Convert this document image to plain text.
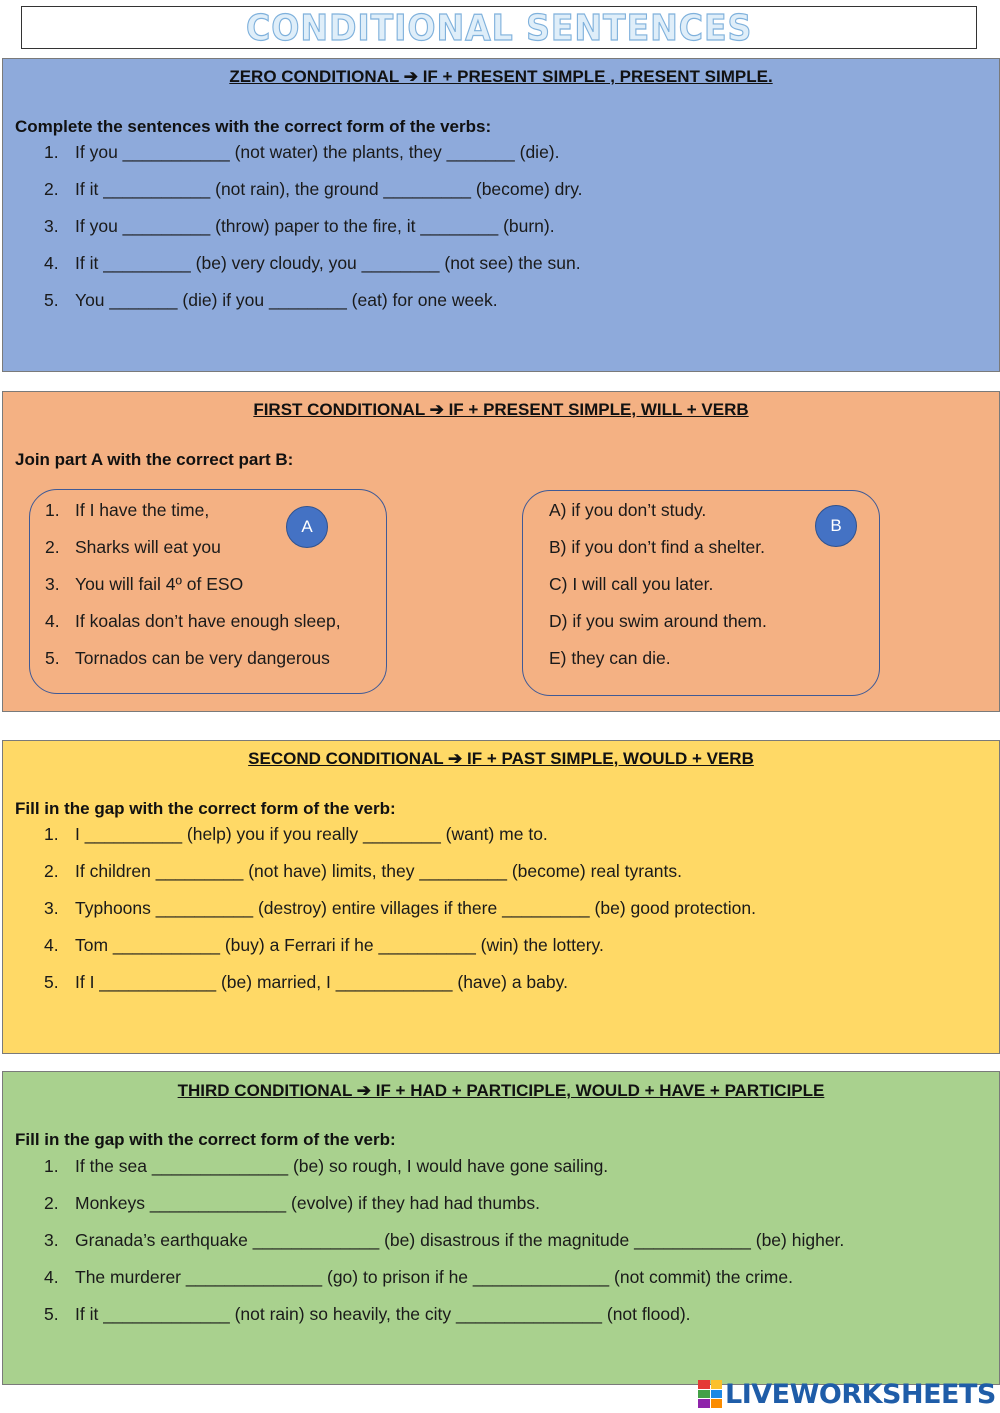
CONDITIONAL SENTENCES
ZERO CONDITIONAL ➔ IF + PRESENT SIMPLE , PRESENT SIMPLE.
Complete the sentences with the correct form of the verbs:
1. If you ___________ (not water) the plants, they _______ (die).
2. If it ___________ (not rain), the ground _________ (become) dry.
3. If you _________ (throw) paper to the fire, it ________ (burn).
4. If it _________ (be) very cloudy, you ________ (not see) the sun.
5. You _______ (die) if you ________ (eat) for one week.
FIRST CONDITIONAL ➔ IF + PRESENT SIMPLE, WILL + VERB
Join part A with the correct part B:
1. If I have the time,
2. Sharks will eat you
3. You will fail 4º of ESO
4. If koalas don’t have enough sleep,
5. Tornados can be very dangerous
A
A) if you don’t study.
B) if you don’t find a shelter.
C) I will call you later.
D) if you swim around them.
E) they can die.
B
SECOND CONDITIONAL ➔ IF + PAST SIMPLE, WOULD + VERB
Fill in the gap with the correct form of the verb:
1. I __________ (help) you if you really ________ (want) me to.
2. If children _________ (not have) limits, they _________ (become) real tyrants.
3. Typhoons __________ (destroy) entire villages if there _________ (be) good protection.
4. Tom ___________ (buy) a Ferrari if he __________ (win) the lottery.
5. If I ____________ (be) married, I ____________ (have) a baby.
THIRD CONDITIONAL ➔ IF + HAD + PARTICIPLE, WOULD + HAVE + PARTICIPLE
Fill in the gap with the correct form of the verb:
1. If the sea ______________ (be) so rough, I would have gone sailing.
2. Monkeys ______________ (evolve) if they had had thumbs.
3. Granada’s earthquake _____________ (be) disastrous if the magnitude ____________ (be) higher.
4. The murderer ______________ (go) to prison if he ______________ (not commit) the crime.
5. If it _____________ (not rain) so heavily, the city _______________ (not flood).
LIVEWORKSHEETS
